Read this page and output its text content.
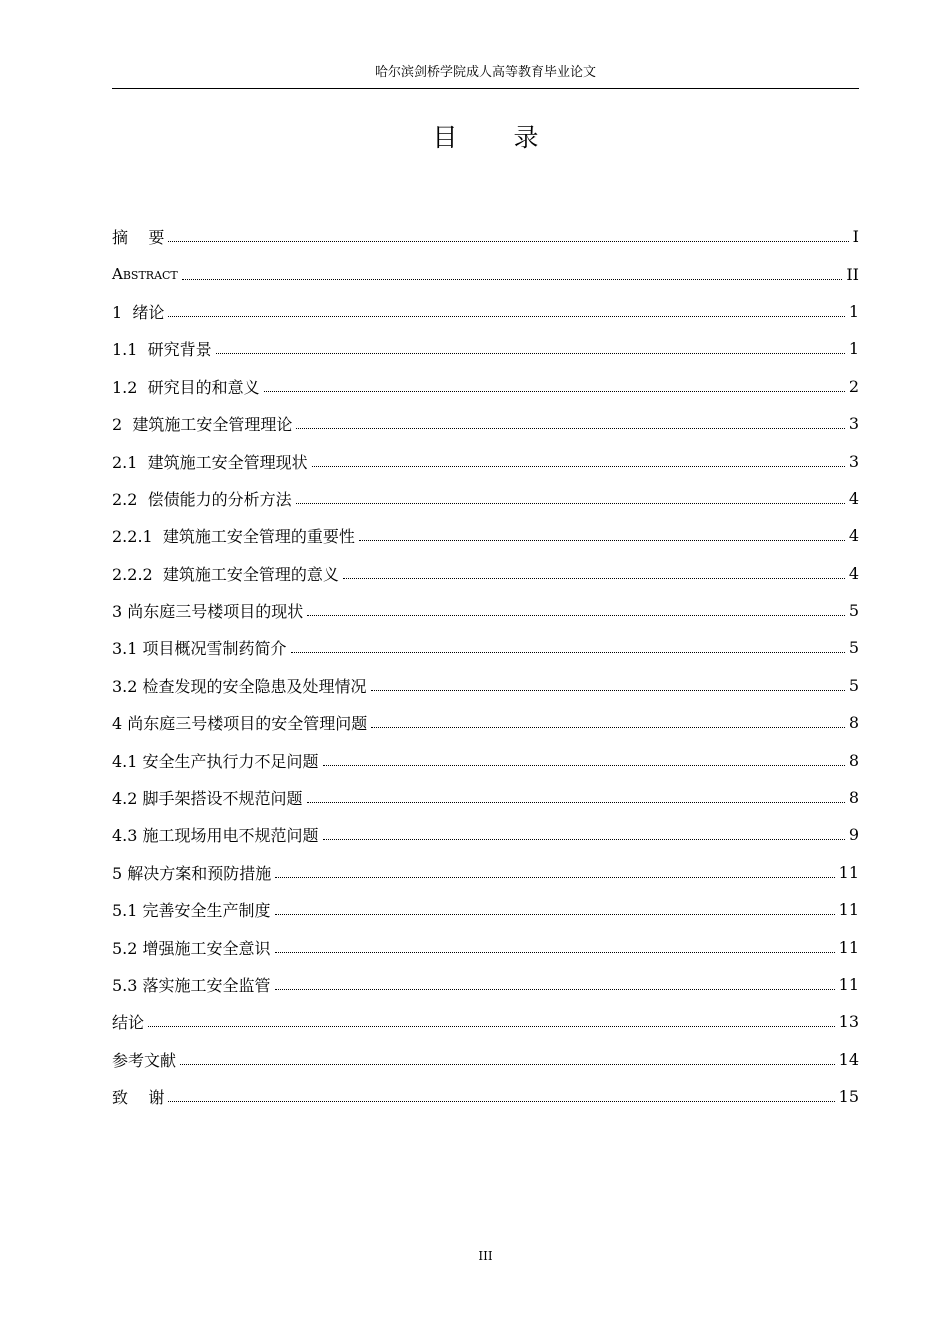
哈尔滨剑桥学院成人高等教育毕业论文
目 录
摘    要	I
Abstract	II
1  绪论	1
1.1  研究背景	1
1.2  研究目的和意义	2
2  建筑施工安全管理理论	3
2.1  建筑施工安全管理现状	3
2.2  偿债能力的分析方法	4
2.2.1  建筑施工安全管理的重要性	4
2.2.2  建筑施工安全管理的意义	4
3 尚东庭三号楼项目的现状	5
3.1 项目概况雪制药简介	5
3.2 检查发现的安全隐患及处理情况	5
4 尚东庭三号楼项目的安全管理问题	8
4.1 安全生产执行力不足问题	8
4.2 脚手架搭设不规范问题	8
4.3 施工现场用电不规范问题	9
5 解决方案和预防措施	11
5.1 完善安全生产制度	11
5.2 增强施工安全意识	11
5.3 落实施工安全监管	11
结论	13
参考文献	14
致    谢	15
III
